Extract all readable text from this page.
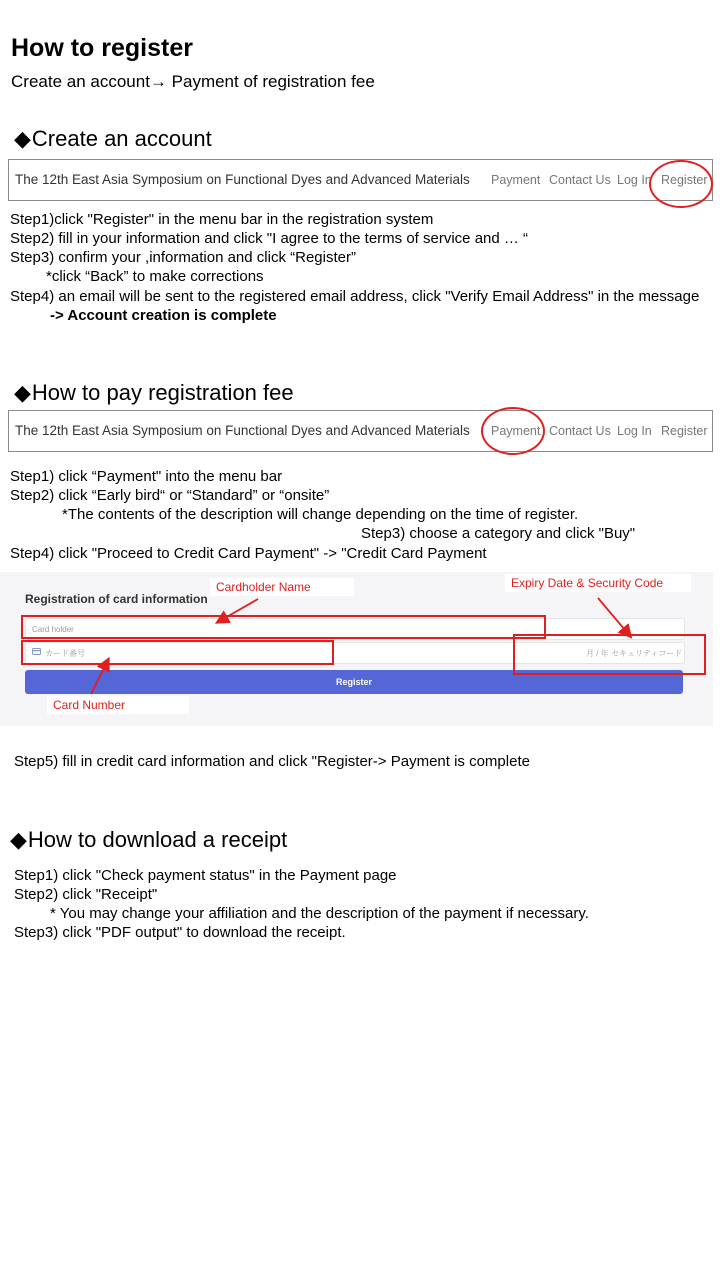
How to register
Create an account→ Payment of registration fee
◆Create an account
The 12th East Asia Symposium on Functional Dyes and Advanced Materials Payment Contact Us Log In Register
Step1)click "Register" in the menu bar in the registration system
Step2) fill in your information and click "I agree to the terms of service and … “
Step3) confirm your ,information and click “Register”
*click “Back” to make corrections
Step4) an email will be sent to the registered email address, click "Verify Email Address" in the message
-> Account creation is complete
◆How to pay registration fee
The 12th East Asia Symposium on Functional Dyes and Advanced Materials Payment Contact Us Log In Register
Step1) click “Payment" into the menu bar
Step2) click “Early bird“ or “Standard” or “onsite”
*The contents of the description will change depending on the time of register.
Step3) choose a category and click "Buy"
Step4) click "Proceed to Credit Card Payment" -> "Credit Card Payment
Registration of card information
Card holder
カード番号	月 / 年 セキュリティコード
Register
Cardholder Name	Expiry Date & Security Code
Card Number
Step5) fill in credit card information and click "Register-> Payment is complete
◆How to download a receipt
Step1) click "Check payment status" in the Payment page
Step2) click "Receipt"
* You may change your affiliation and the description of the payment if necessary.
Step3) click "PDF output" to download the receipt.
